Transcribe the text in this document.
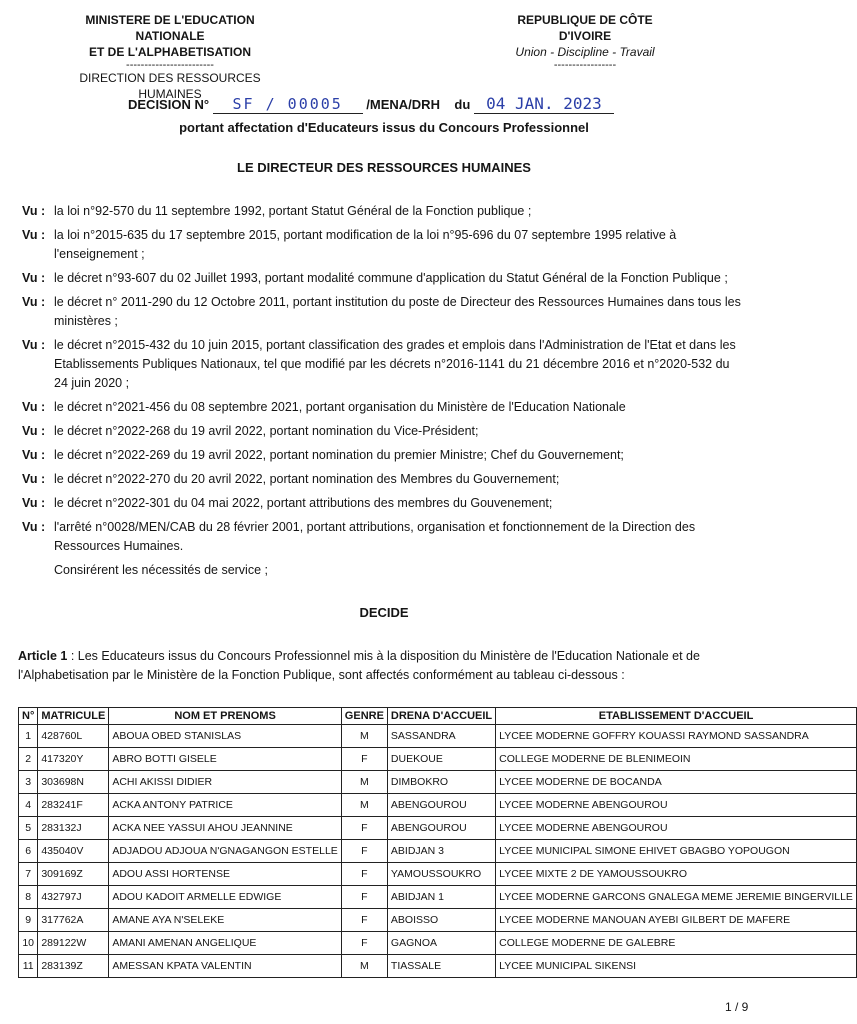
MINISTERE DE L'EDUCATION NATIONALE
ET DE L'ALPHABETISATION
------------------------
DIRECTION DES RESSOURCES HUMAINES
REPUBLIQUE DE CÔTE D'IVOIRE
Union - Discipline - Travail
-----------------
DECISION N° SF / 00005 /MENA/DRH du 04 JAN. 2023
portant affectation d'Educateurs issus du Concours Professionnel
LE DIRECTEUR DES RESSOURCES HUMAINES
Vu : la loi n°92-570 du 11 septembre 1992, portant Statut Général de la Fonction publique ;
Vu : la loi n°2015-635 du 17 septembre 2015, portant modification de la loi n°95-696 du 07 septembre 1995 relative à l'enseignement ;
Vu : le décret n°93-607 du 02 Juillet 1993, portant modalité commune d'application du Statut Général de la Fonction Publique ;
Vu : le décret n° 2011-290 du 12 Octobre 2011, portant institution du poste de Directeur des Ressources Humaines dans tous les ministères ;
Vu : le décret n°2015-432 du 10 juin 2015, portant classification des grades et emplois dans l'Administration de l'Etat et dans les Etablissements Publiques Nationaux, tel que modifié par les décrets n°2016-1141 du 21 décembre 2016 et n°2020-532 du 24 juin 2020 ;
Vu : le décret n°2021-456 du 08 septembre 2021, portant organisation du Ministère de l'Education Nationale
Vu : le décret n°2022-268 du 19 avril 2022, portant nomination du Vice-Président;
Vu : le décret n°2022-269 du 19 avril 2022, portant nomination du premier Ministre; Chef du Gouvernement;
Vu : le décret n°2022-270 du 20 avril 2022, portant nomination des Membres du Gouvernement;
Vu : le décret n°2022-301 du 04 mai 2022, portant attributions des membres du Gouvenement;
Vu : l'arrêté n°0028/MEN/CAB du 28 février 2001, portant attributions, organisation et fonctionnement de la Direction des Ressources Humaines.
Consirérent les nécessités de service ;
DECIDE
Article 1 : Les Educateurs issus du Concours Professionnel mis à la disposition du Ministère de l'Education Nationale et de l'Alphabetisation par le Ministère de la Fonction Publique, sont affectés conformément au tableau ci-dessous :
N°	MATRICULE	NOM ET PRENOMS	GENRE	DRENA D'ACCUEIL	ETABLISSEMENT D'ACCUEIL
1	428760L	ABOUA OBED STANISLAS	M	SASSANDRA	LYCEE MODERNE GOFFRY KOUASSI RAYMOND SASSANDRA
2	417320Y	ABRO BOTTI GISELE	F	DUEKOUE	COLLEGE MODERNE DE BLENIMEOIN
3	303698N	ACHI AKISSI DIDIER	M	DIMBOKRO	LYCEE MODERNE DE BOCANDA
4	283241F	ACKA ANTONY PATRICE	M	ABENGOUROU	LYCEE MODERNE ABENGOUROU
5	283132J	ACKA NEE YASSUI AHOU JEANNINE	F	ABENGOUROU	LYCEE MODERNE ABENGOUROU
6	435040V	ADJADOU ADJOUA N'GNAGANGON ESTELLE	F	ABIDJAN 3	LYCEE MUNICIPAL SIMONE EHIVET GBAGBO YOPOUGON
7	309169Z	ADOU ASSI HORTENSE	F	YAMOUSSOUKRO	LYCEE MIXTE 2 DE YAMOUSSOUKRO
8	432797J	ADOU KADOIT ARMELLE EDWIGE	F	ABIDJAN 1	LYCEE MODERNE GARCONS GNALEGA MEME JEREMIE BINGERVILLE
9	317762A	AMANE AYA N'SELEKE	F	ABOISSO	LYCEE MODERNE MANOUAN AYEBI GILBERT DE MAFERE
10	289122W	AMANI AMENAN ANGELIQUE	F	GAGNOA	COLLEGE MODERNE DE GALEBRE
11	283139Z	AMESSAN KPATA VALENTIN	M	TIASSALE	LYCEE MUNICIPAL SIKENSI
1 / 9
